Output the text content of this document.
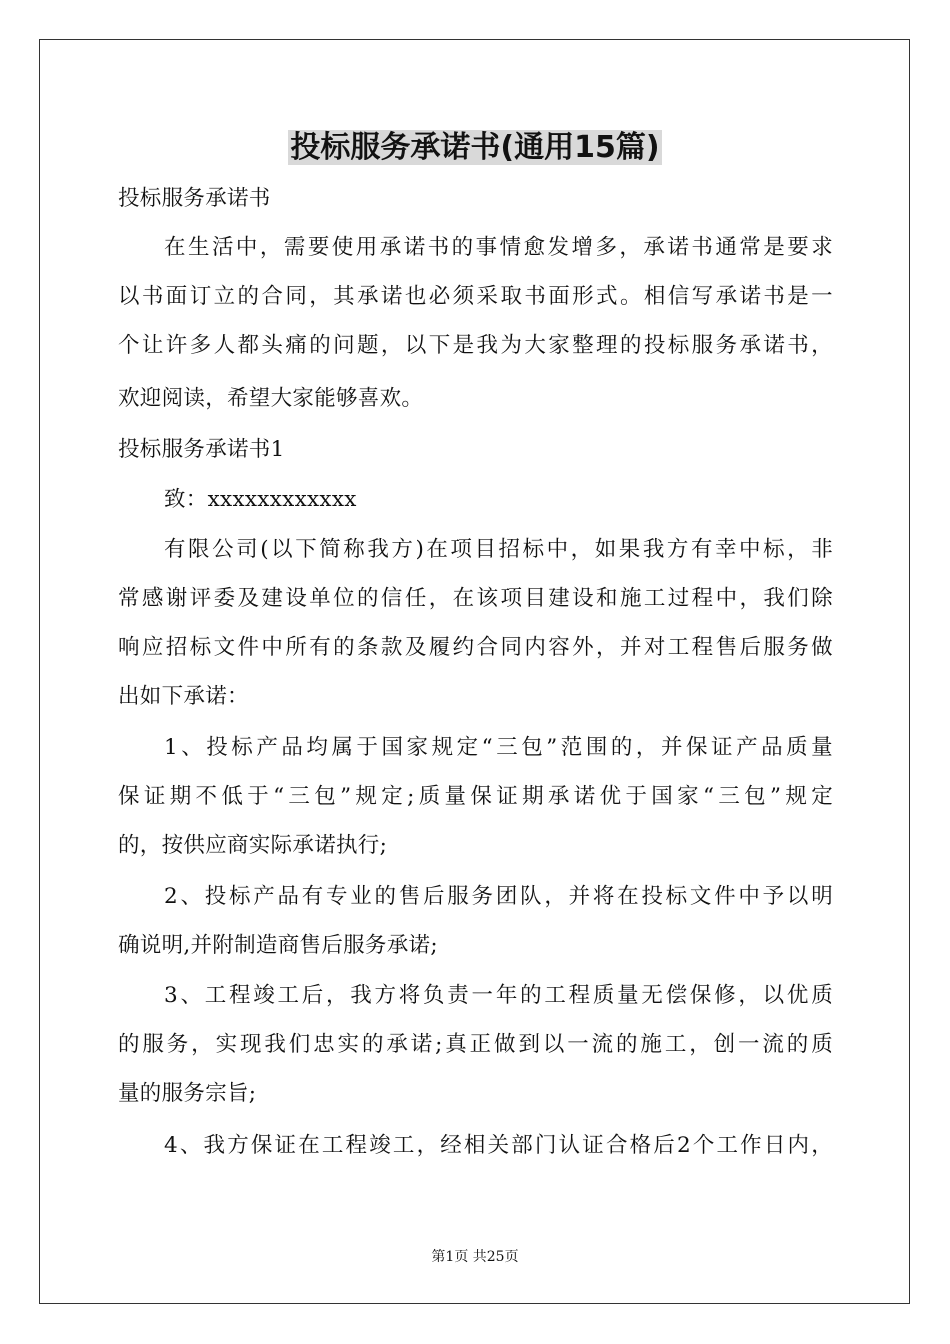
投标服务承诺书(通用15篇)
投标服务承诺书
在生活中，需要使用承诺书的事情愈发增多，承诺书通常是要求
以书面订立的合同，其承诺也必须采取书面形式。相信写承诺书是一
个让许多人都头痛的问题，以下是我为大家整理的投标服务承诺书，
欢迎阅读，希望大家能够喜欢。
投标服务承诺书1
致：xxxxxxxxxxxx
有限公司(以下简称我方)在项目招标中，如果我方有幸中标，非
常感谢评委及建设单位的信任，在该项目建设和施工过程中，我们除
响应招标文件中所有的条款及履约合同内容外，并对工程售后服务做
出如下承诺：
1、投标产品均属于国家规定“三包”范围的，并保证产品质量
保证期不低于“三包”规定;质量保证期承诺优于国家“三包”规定
的，按供应商实际承诺执行;
2、投标产品有专业的售后服务团队，并将在投标文件中予以明
确说明,并附制造商售后服务承诺;
3、工程竣工后，我方将负责一年的工程质量无偿保修，以优质
的服务，实现我们忠实的承诺;真正做到以一流的施工，创一流的质
量的服务宗旨;
4、我方保证在工程竣工，经相关部门认证合格后2个工作日内，
第1页 共25页
